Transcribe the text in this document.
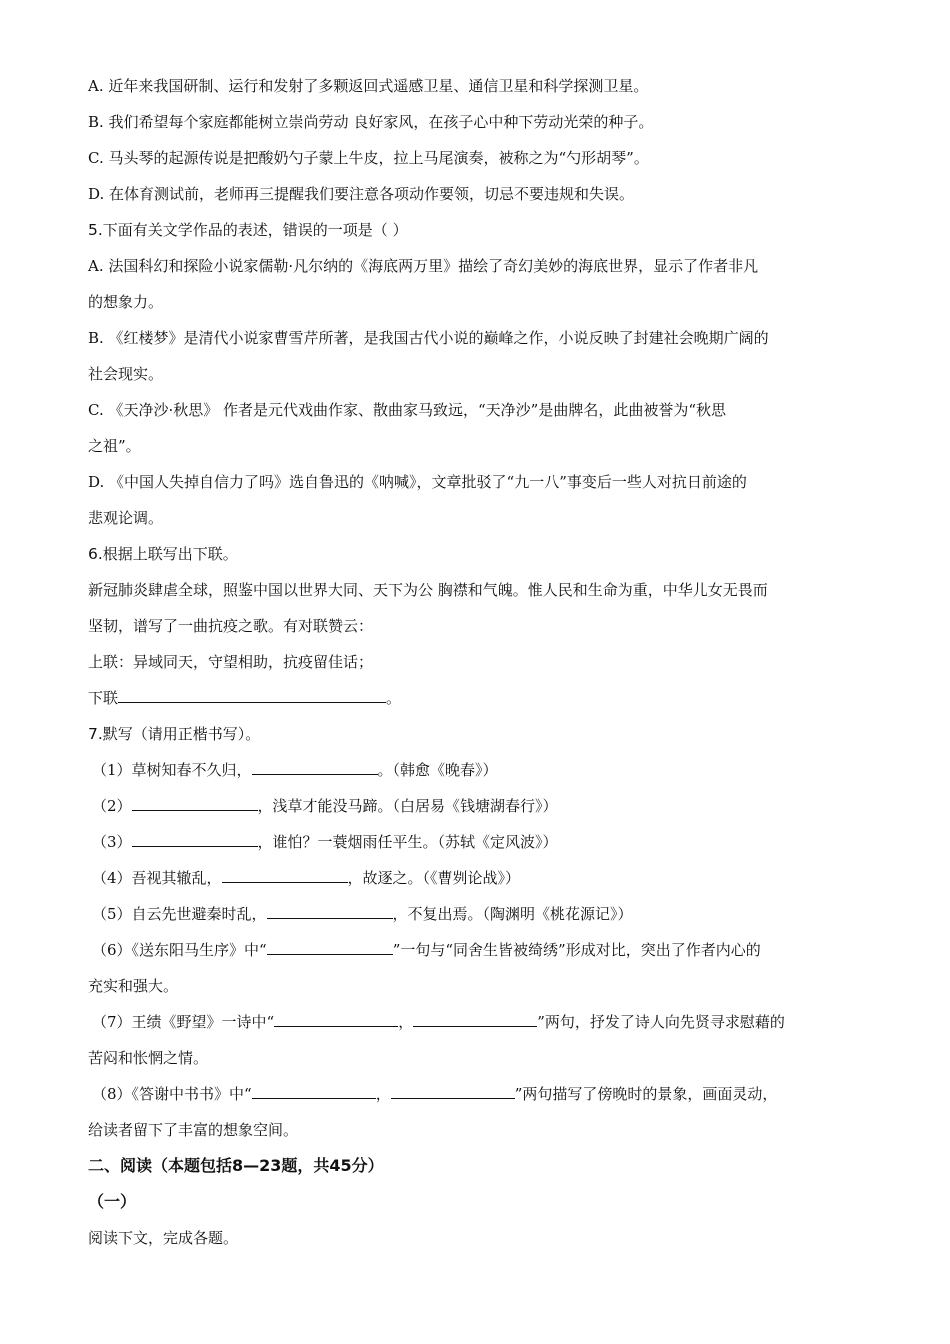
A. 近年来我国研制、运行和发射了多颗返回式遥感卫星、通信卫星和科学探测卫星。
B. 我们希望每个家庭都能树立崇尚劳动 良好家风，在孩子心中种下劳动光荣的种子。
C. 马头琴的起源传说是把酸奶勺子蒙上牛皮，拉上马尾演奏，被称之为“勺形胡琴”。
D. 在体育测试前，老师再三提醒我们要注意各项动作要领，切忌不要违规和失误。
5.下面有关文学作品的表述，错误的一项是（ ）
A. 法国科幻和探险小说家儒勒·凡尔纳的《海底两万里》描绘了奇幻美妙的海底世界，显示了作者非凡
的想象力。
B. 《红楼梦》是清代小说家曹雪芹所著，是我国古代小说的巅峰之作，小说反映了封建社会晚期广阔的
社会现实。
C. 《天净沙·秋思》 作者是元代戏曲作家、散曲家马致远，“天净沙”是曲牌名，此曲被誉为“秋思
之祖”。
D. 《中国人失掉自信力了吗》选自鲁迅的《呐喊》，文章批驳了“九一八”事变后一些人对抗日前途的
悲观论调。
6.根据上联写出下联。
新冠肺炎肆虐全球，照鉴中国以世界大同、天下为公 胸襟和气魄。惟人民和生命为重，中华儿女无畏而
坚韧，谱写了一曲抗疫之歌。有对联赞云：
上联：异域同天，守望相助，抗疫留佳话；
下联	。
7.默写（请用正楷书写）。
（1）草树知春不久归，	。（韩愈《晚春》）
（2）	，浅草才能没马蹄。（白居易《钱塘湖春行》）
（3）	，谁怕？一蓑烟雨任平生。（苏轼《定风波》）
（4）吾视其辙乱，	，故逐之。（《曹刿论战》）
（5）自云先世避秦时乱，	，不复出焉。（陶渊明《桃花源记》）
（6）《送东阳马生序》中“	”一句与“同舍生皆被绮绣”形成对比，突出了作者内心的
充实和强大。
（7）王绩《野望》一诗中“	，	”两句，抒发了诗人向先贤寻求慰藉的
苦闷和怅惘之情。
（8）《答谢中书书》中“	，	”两句描写了傍晚时的景象，画面灵动，
给读者留下了丰富的想象空间。
二、阅读（本题包括8—23题，共45分）
（一）
阅读下文，完成各题。
